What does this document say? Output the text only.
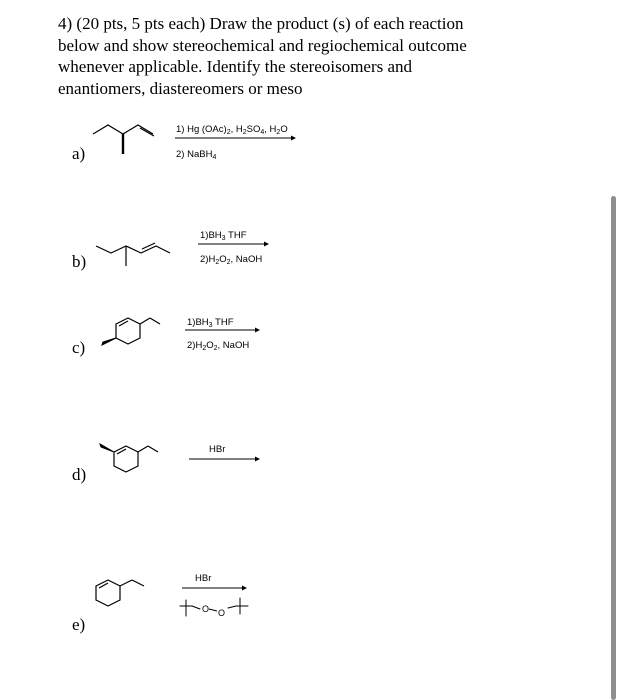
4) (20 pts, 5 pts each) Draw the product (s) of each reaction
below and show stereochemical and regiochemical outcome
whenever applicable. Identify the stereoisomers and
enantiomers, diastereomers or meso
a)
b)
c)
d)
e)
1) Hg $(OAc)_2$, $H_2SO_4$, $H_2O$
2) NaBH$_4$
$1)BH_3$ THF
$2)H_2O_2$, NaOH
$1)BH_3$ THF
$2)H_2O_2$, NaOH
HBr
HBr
O O
